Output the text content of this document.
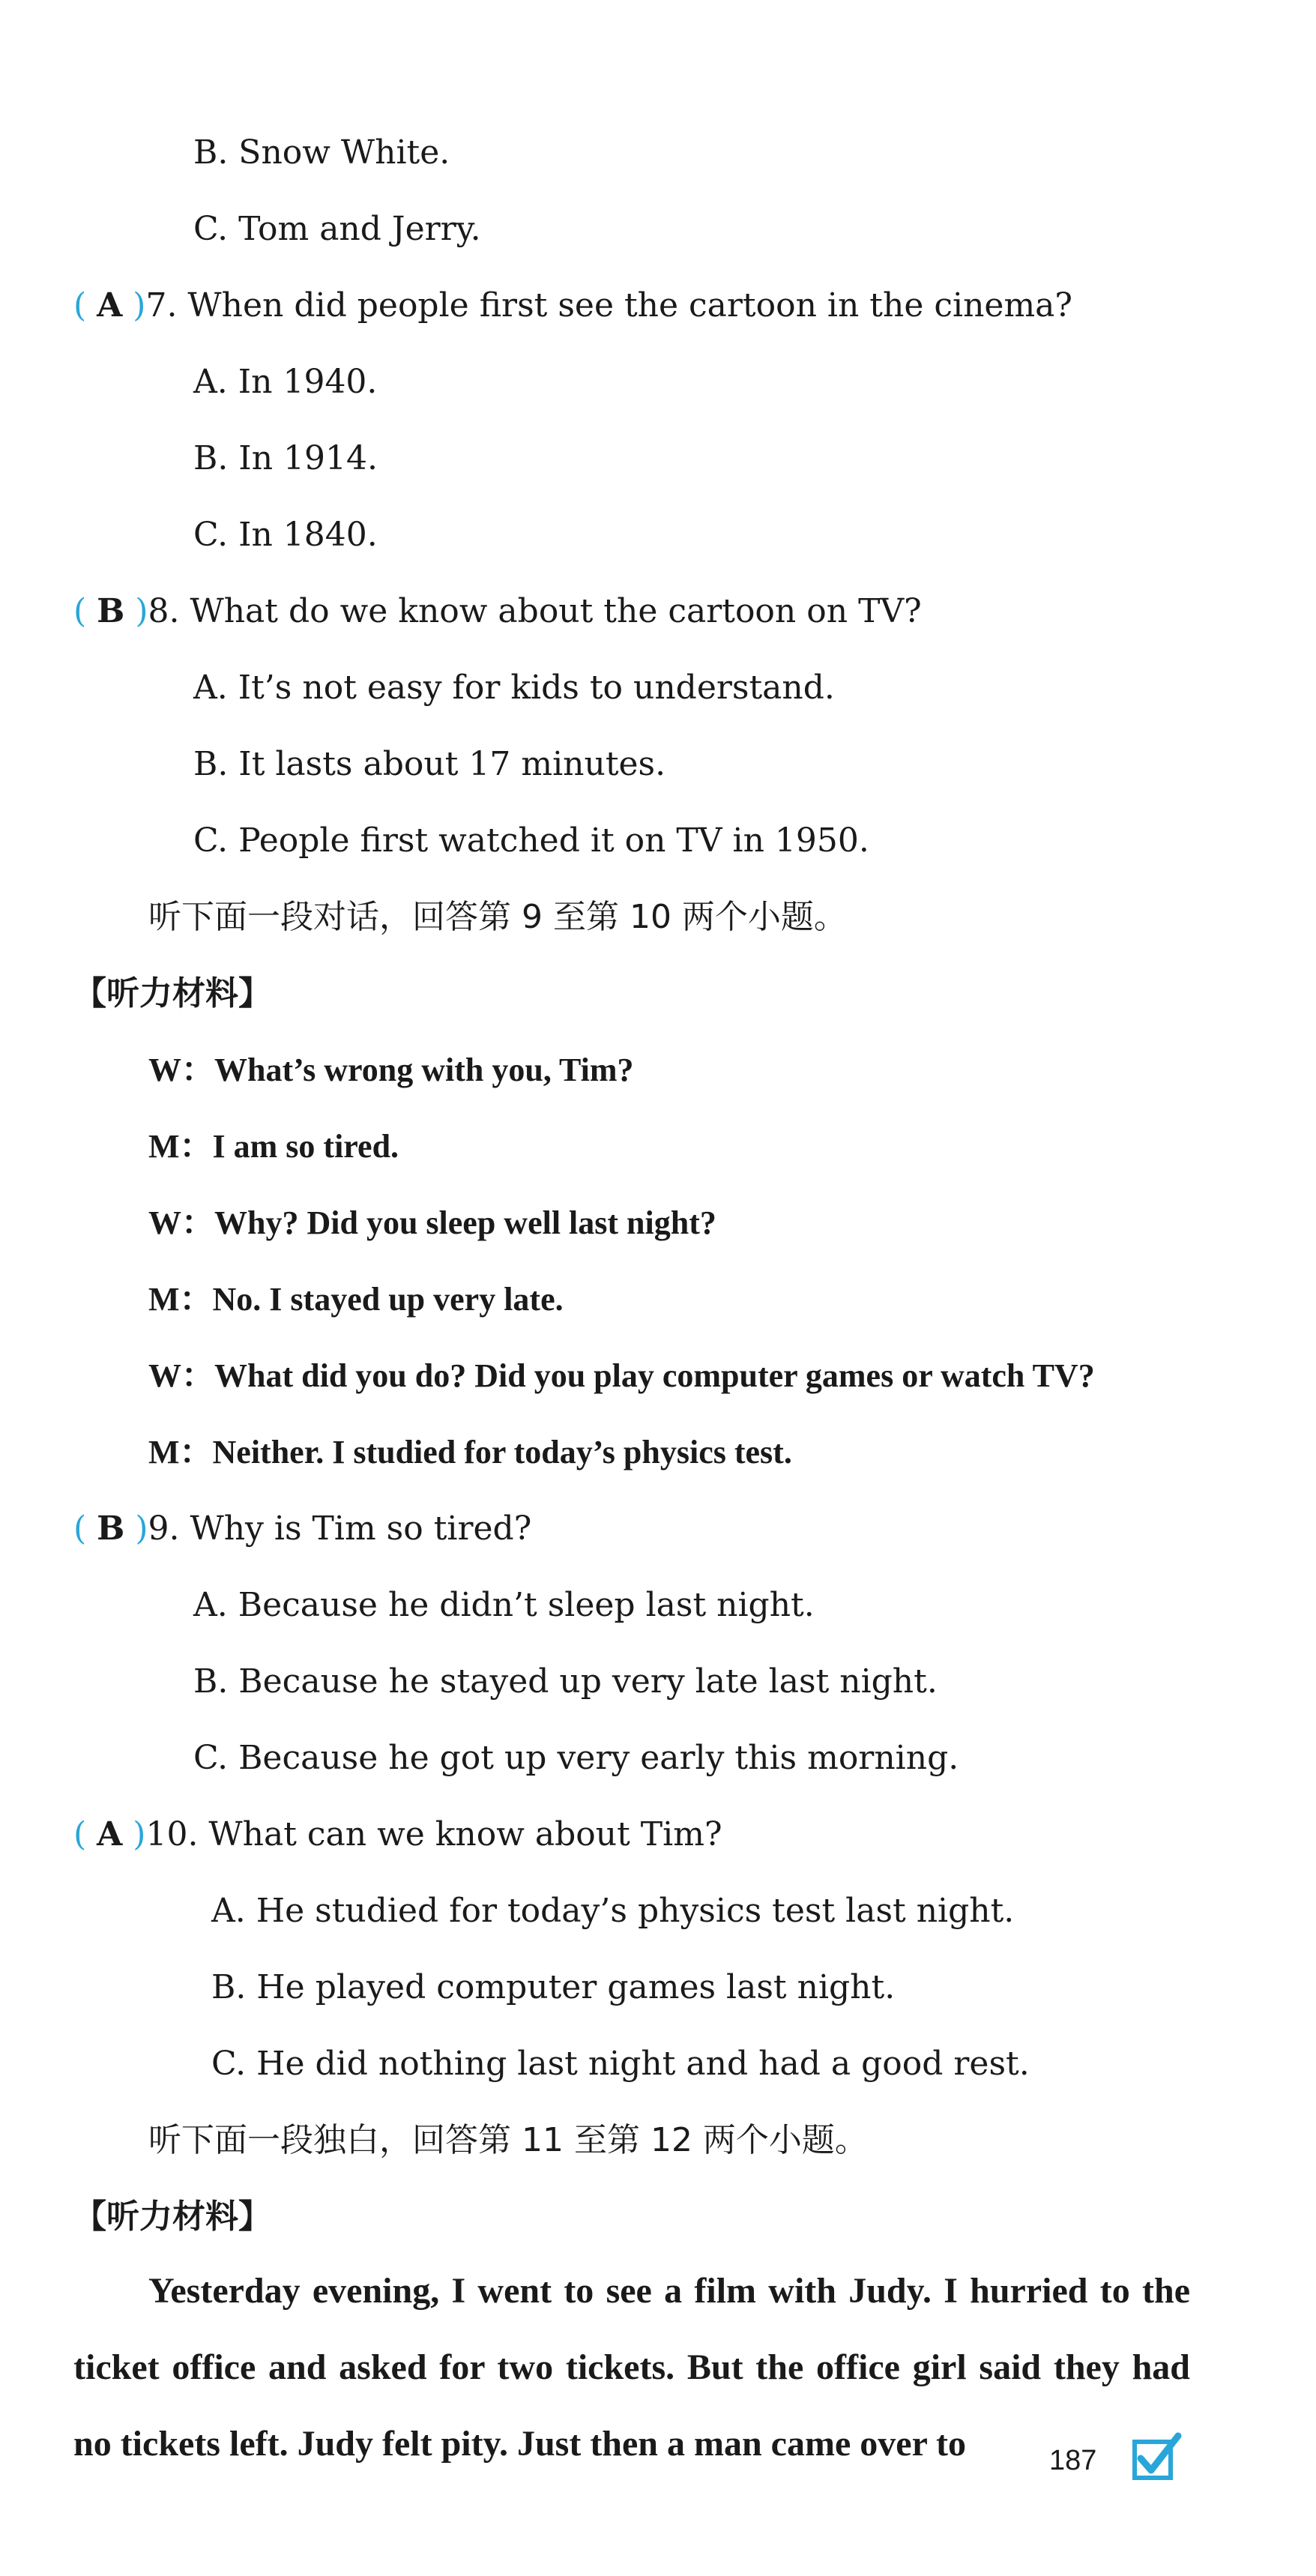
B. Snow White.
C. Tom and Jerry.
( A )7. When did people first see the cartoon in the cinema?
A. In 1940.
B. In 1914.
C. In 1840.
( B )8. What do we know about the cartoon on TV?
A. It’s not easy for kids to understand.
B. It lasts about 17 minutes.
C. People first watched it on TV in 1950.
听下面一段对话，回答第 9 至第 10 两个小题。
【听力材料】
W：What’s wrong with you, Tim?
M：I am so tired.
W：Why? Did you sleep well last night?
M：No. I stayed up very late.
W：What did you do? Did you play computer games or watch TV?
M：Neither. I studied for today’s physics test.
( B )9. Why is Tim so tired?
A. Because he didn’t sleep last night.
B. Because he stayed up very late last night.
C. Because he got up very early this morning.
( A )10. What can we know about Tim?
A. He studied for today’s physics test last night.
B. He played computer games last night.
C. He did nothing last night and had a good rest.
听下面一段独白，回答第 11 至第 12 两个小题。
【听力材料】
Yesterday evening, I went to see a film with Judy. I hurried to the ticket office and asked for two tickets. But the office girl said they had no tickets left. Judy felt pity. Just then a man came over to	187
